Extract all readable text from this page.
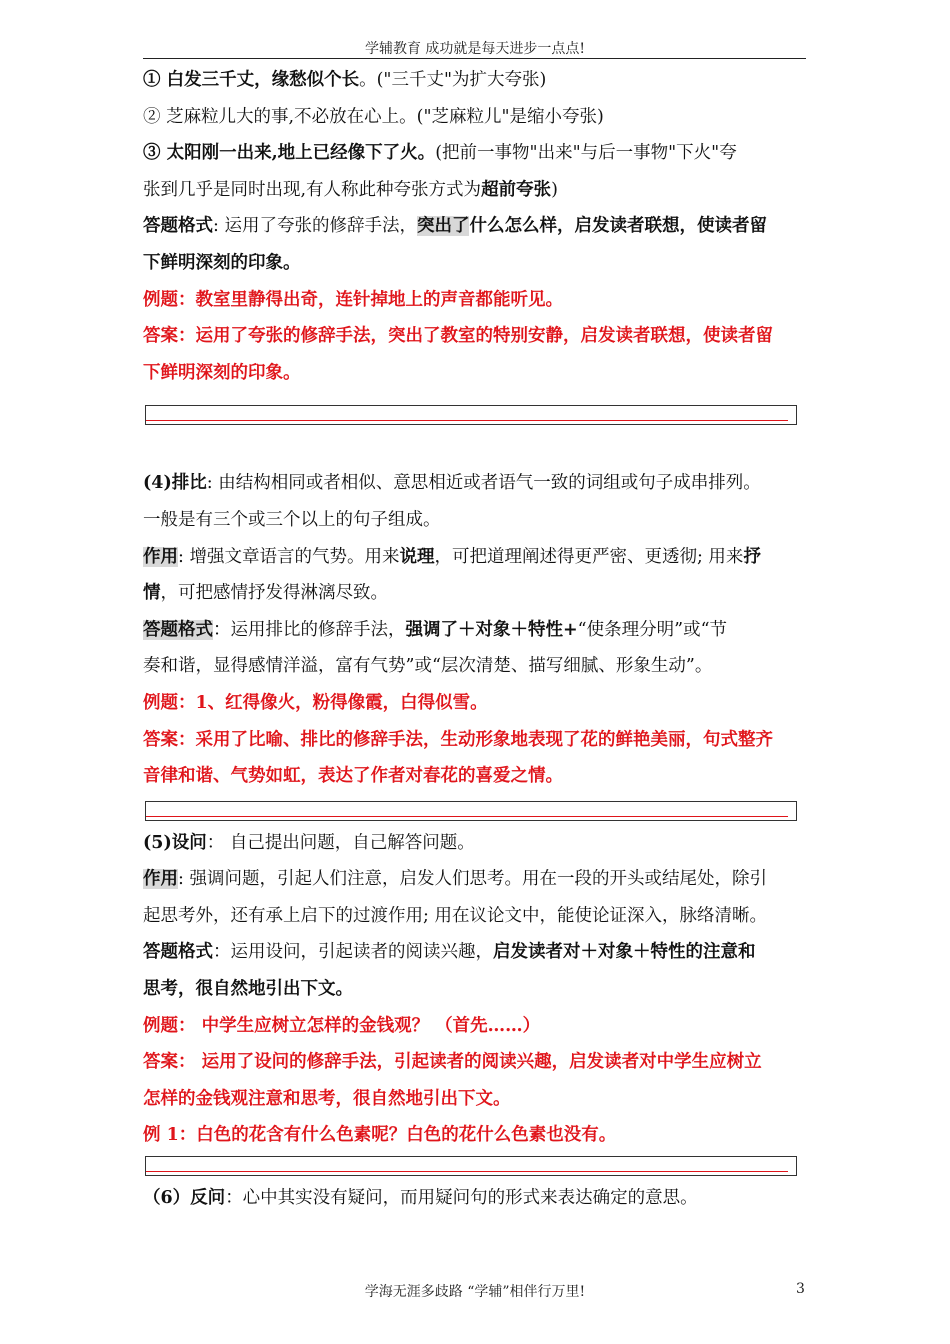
学辅教育 成功就是每天进步一点点!
① 白发三千丈，缘愁似个长。("三千丈"为扩大夸张)
② 芝麻粒儿大的事,不必放在心上。("芝麻粒儿"是缩小夸张)
③ 太阳刚一出来,地上已经像下了火。(把前一事物"出来"与后一事物"下火"夸
张到几乎是同时出现,有人称此种夸张方式为超前夸张)
答题格式: 运用了夸张的修辞手法，突出了什么怎么样，启发读者联想，使读者留
下鲜明深刻的印象。
例题：教室里静得出奇，连针掉地上的声音都能听见。
答案：运用了夸张的修辞手法，突出了教室的特别安静，启发读者联想，使读者留
下鲜明深刻的印象。
(4)排比: 由结构相同或者相似、意思相近或者语气一致的词组或句子成串排列。
一般是有三个或三个以上的句子组成。
作用: 增强文章语言的气势。用来说理，可把道理阐述得更严密、更透彻; 用来抒
情，可把感情抒发得淋漓尽致。
答题格式：运用排比的修辞手法，强调了＋对象＋特性+“使条理分明”或“节
奏和谐，显得感情洋溢，富有气势”或“层次清楚、描写细腻、形象生动”。
例题：1、红得像火，粉得像霞，白得似雪。
答案：采用了比喻、排比的修辞手法，生动形象地表现了花的鲜艳美丽，句式整齐
音律和谐、气势如虹，表达了作者对春花的喜爱之情。
(5)设问： 自己提出问题，自己解答问题。
作用: 强调问题，引起人们注意，启发人们思考。用在一段的开头或结尾处，除引
起思考外，还有承上启下的过渡作用; 用在议论文中，能使论证深入，脉络清晰。
答题格式：运用设问，引起读者的阅读兴趣，启发读者对＋对象＋特性的注意和
思考，很自然地引出下文。
例题： 中学生应树立怎样的金钱观？ （首先……）
答案： 运用了设问的修辞手法，引起读者的阅读兴趣，启发读者对中学生应树立
怎样的金钱观注意和思考，很自然地引出下文。
例 1：白色的花含有什么色素呢？白色的花什么色素也没有。
（6）反问：心中其实没有疑问，而用疑问句的形式来表达确定的意思。
学海无涯多歧路 “学辅”相伴行万里!	3
